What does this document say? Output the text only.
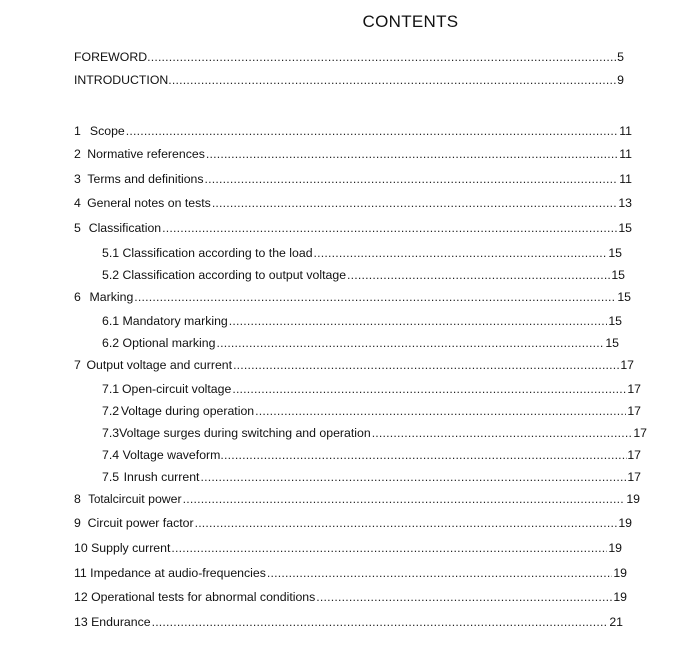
CONTENTS
FOREWORD .....	5
INTRODUCTION .....	9
1 Scope .....	11
2 Normative references .....	11
3 Terms and definitions .....	11
4 General notes on tests .....	13
5 Classification .....	15
5.1 Classification according to the load .....	15
5.2 Classification according to output voltage .....	15
6 Marking .....	15
6.1 Mandatory marking .....	15
6.2 Optional marking .....	15
7 Output voltage and current .....	17
7.1 Open-circuit voltage .....	17
7.2 Voltage during operation .....	17
7.3 Voltage surges during switching and operation .....	17
7.4 Voltage waveform .....	17
7.5 Inrush current .....	17
8 Total circuit power .....	19
9 Circuit power factor .....	19
10 Supply current .....	19
11 Impedance at audio-frequencies .....	19
12 Operational tests for abnormal conditions .....	19
13 Endurance .....	21
